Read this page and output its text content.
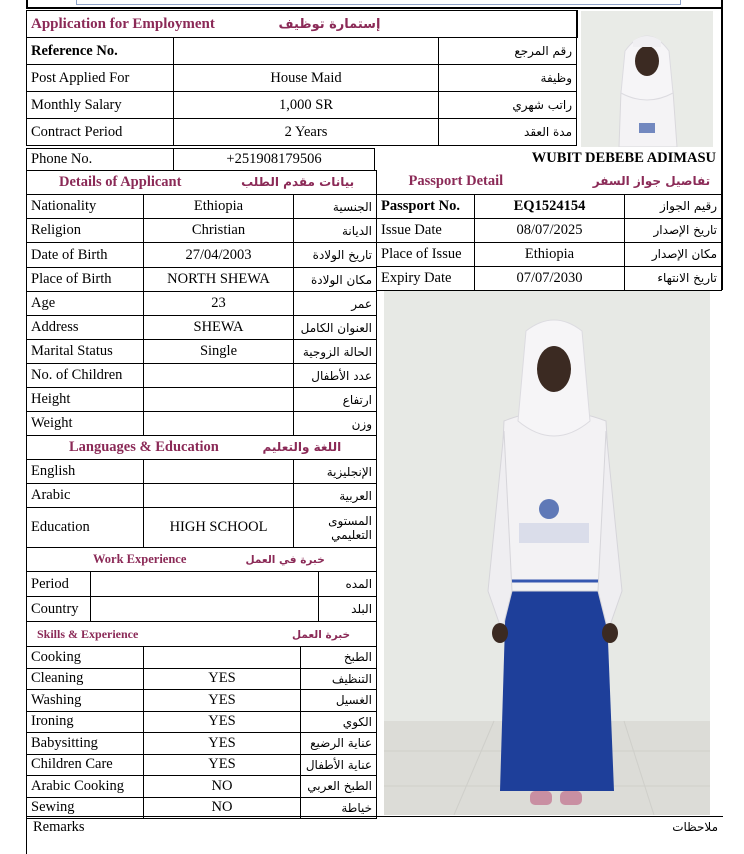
Application for Employment إستمارة توظيف		
Reference No.		رقم المرجع
Post Applied For	House Maid	وظيفة
Monthly Salary	1,000 SR	راتب شهري
Contract Period	2 Years	مدة العقد
Phone No.	+251908179506	WUBIT DEBEBE ADIMASU
Details of Applicant بيانات مقدم الطلب		
Nationality	Ethiopia	الجنسية
Religion	Christian	الديانة
Date of Birth	27/04/2003	تاريخ الولادة
Place of Birth	NORTH SHEWA	مكان الولادة
Age	23	عمر
Address	SHEWA	العنوان الكامل
Marital Status	Single	الحالة الزوجية
No. of Children		عدد الأطفال
Height		ارتفاع
Weight		وزن
Languages & Education اللغة والتعليم		
English		الإنجليزية
Arabic		العربية
Education	HIGH SCHOOL	المستوى التعليمي
Work Experience خبرة في العمل		
Period		المده
Country		البلد
Skills & Experience خبرة العمل		
Cooking		الطبخ
Cleaning	YES	التنظيف
Washing	YES	الغسيل
Ironing	YES	الكوي
Babysitting	YES	عناية الرضيع
Children Care	YES	عناية الأطفال
Arabic Cooking	NO	الطبخ العربي
Sewing	NO	خياطة
Passport Detail تفاصيل جواز السفر		
Passport No.	EQ1524154	رقيم الجواز
Issue Date	08/07/2025	تاريخ الإصدار
Place of Issue	Ethiopia	مكان الإصدار
Expiry Date	07/07/2030	تاريخ الانتهاء
Remarks	ملاحظات
